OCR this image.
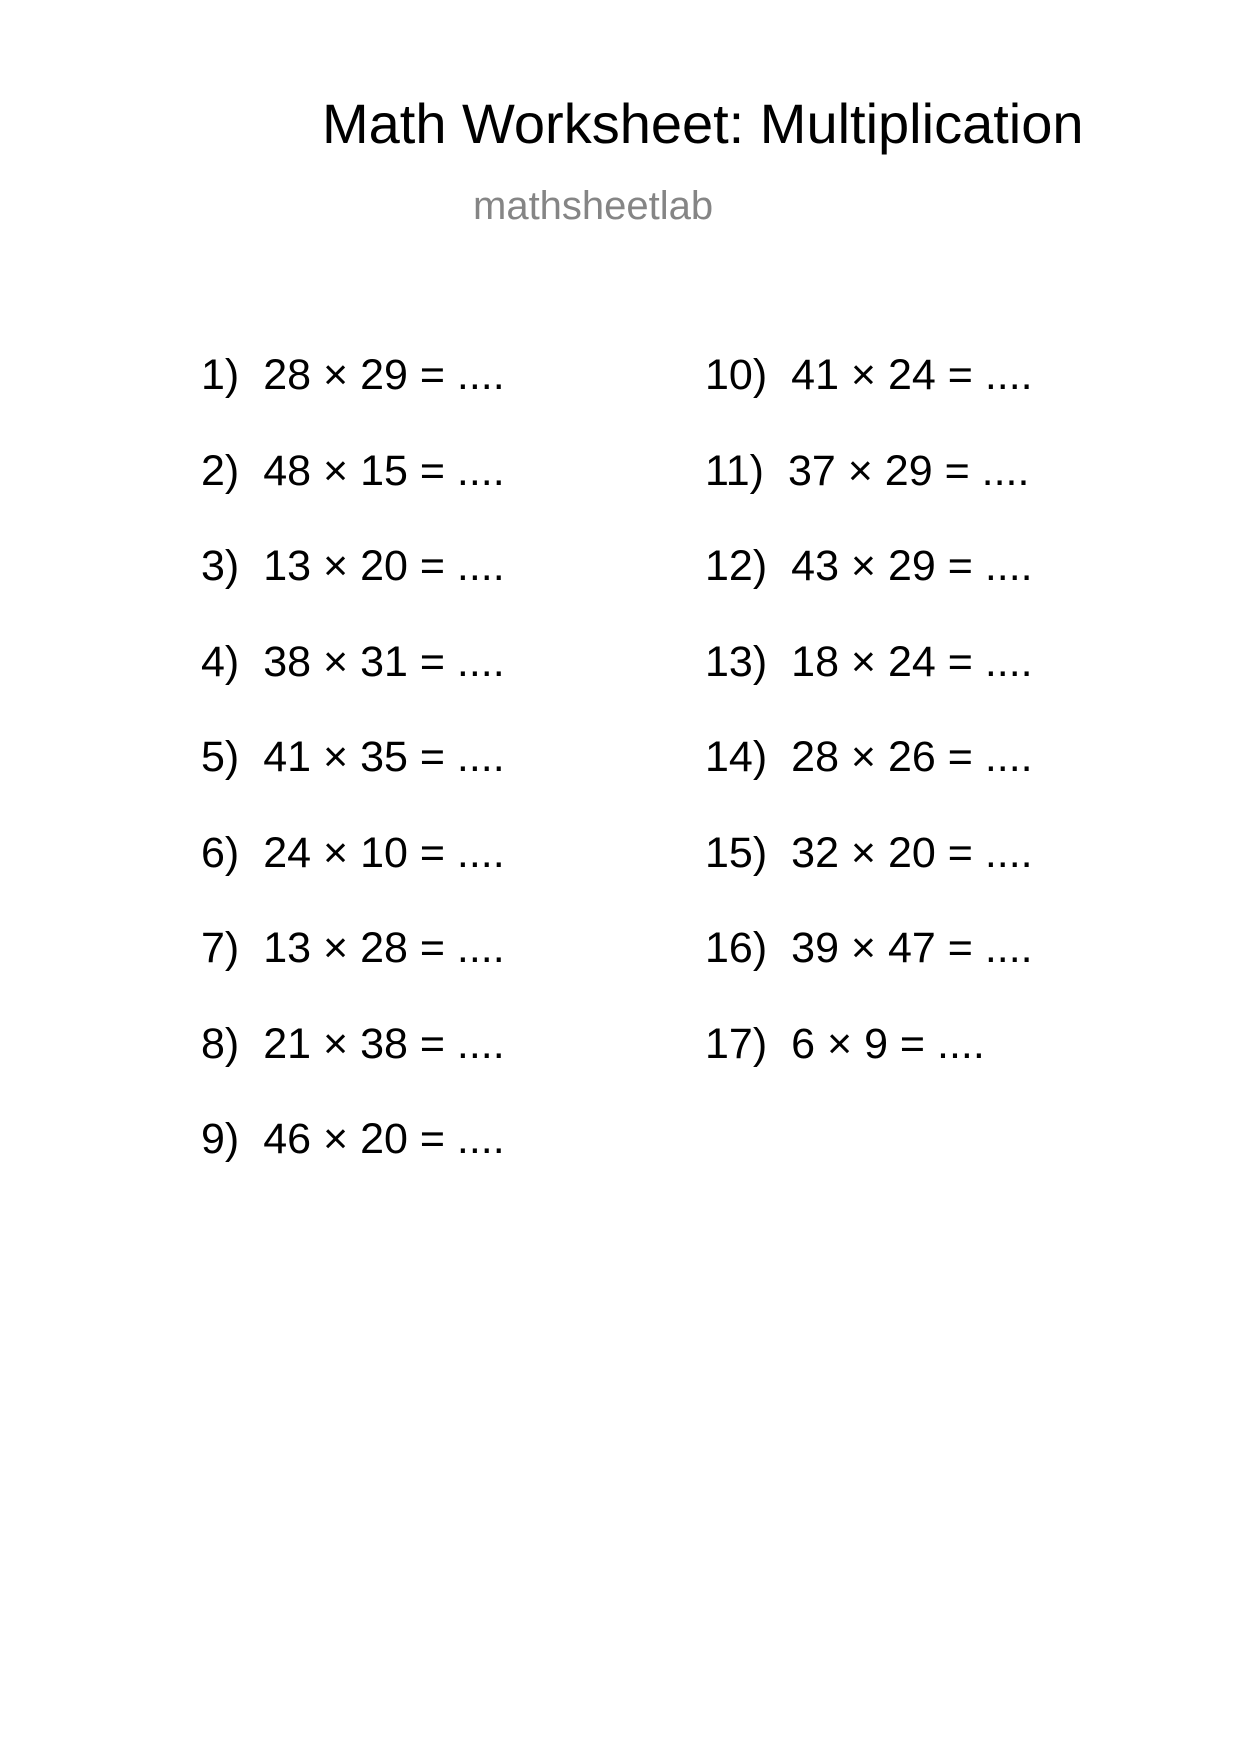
Math Worksheet: Multiplication
mathsheetlab
1) 28 × 29 = ....
2) 48 × 15 = ....
3) 13 × 20 = ....
4) 38 × 31 = ....
5) 41 × 35 = ....
6) 24 × 10 = ....
7) 13 × 28 = ....
8) 21 × 38 = ....
9) 46 × 20 = ....
10) 41 × 24 = ....
11) 37 × 29 = ....
12) 43 × 29 = ....
13) 18 × 24 = ....
14) 28 × 26 = ....
15) 32 × 20 = ....
16) 39 × 47 = ....
17) 6 × 9 = ....
